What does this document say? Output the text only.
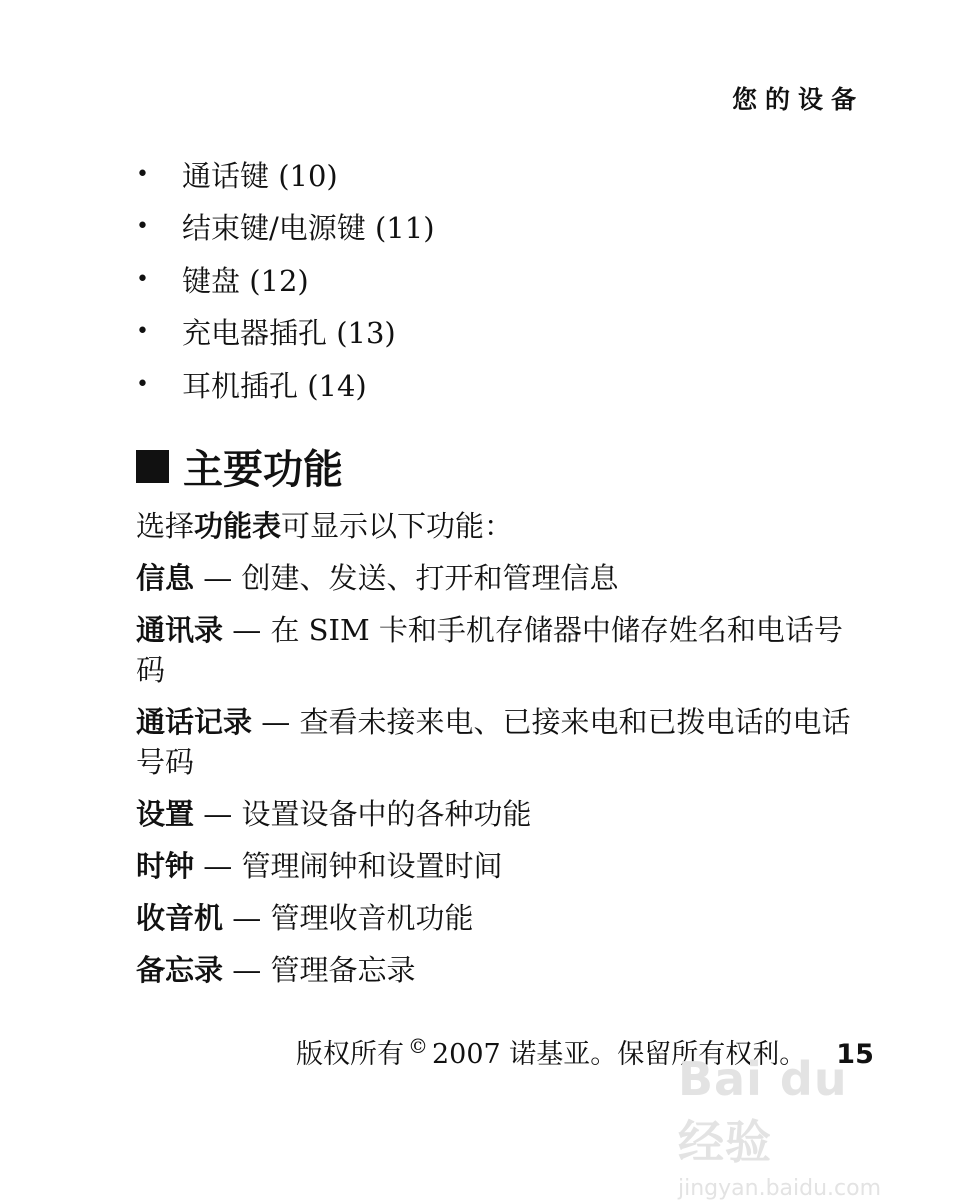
您的设备
•	通话键 (10)
•	结束键/电源键 (11)
•	键盘 (12)
•	充电器插孔 (13)
•	耳机插孔 (14)
主要功能
选择功能表可显示以下功能：

信息 — 创建、发送、打开和管理信息

通讯录 — 在 SIM 卡和手机存储器中储存姓名和电话号码

通话记录 — 查看未接来电、已接来电和已拨电话的电话号码

设置 — 设置设备中的各种功能

时钟 — 管理闹钟和设置时间

收音机 — 管理收音机功能

备忘录 — 管理备忘录

版权所有 © 2007 诺基亚。保留所有权利。 15
Bai du 经验
jingyan.baidu.com
